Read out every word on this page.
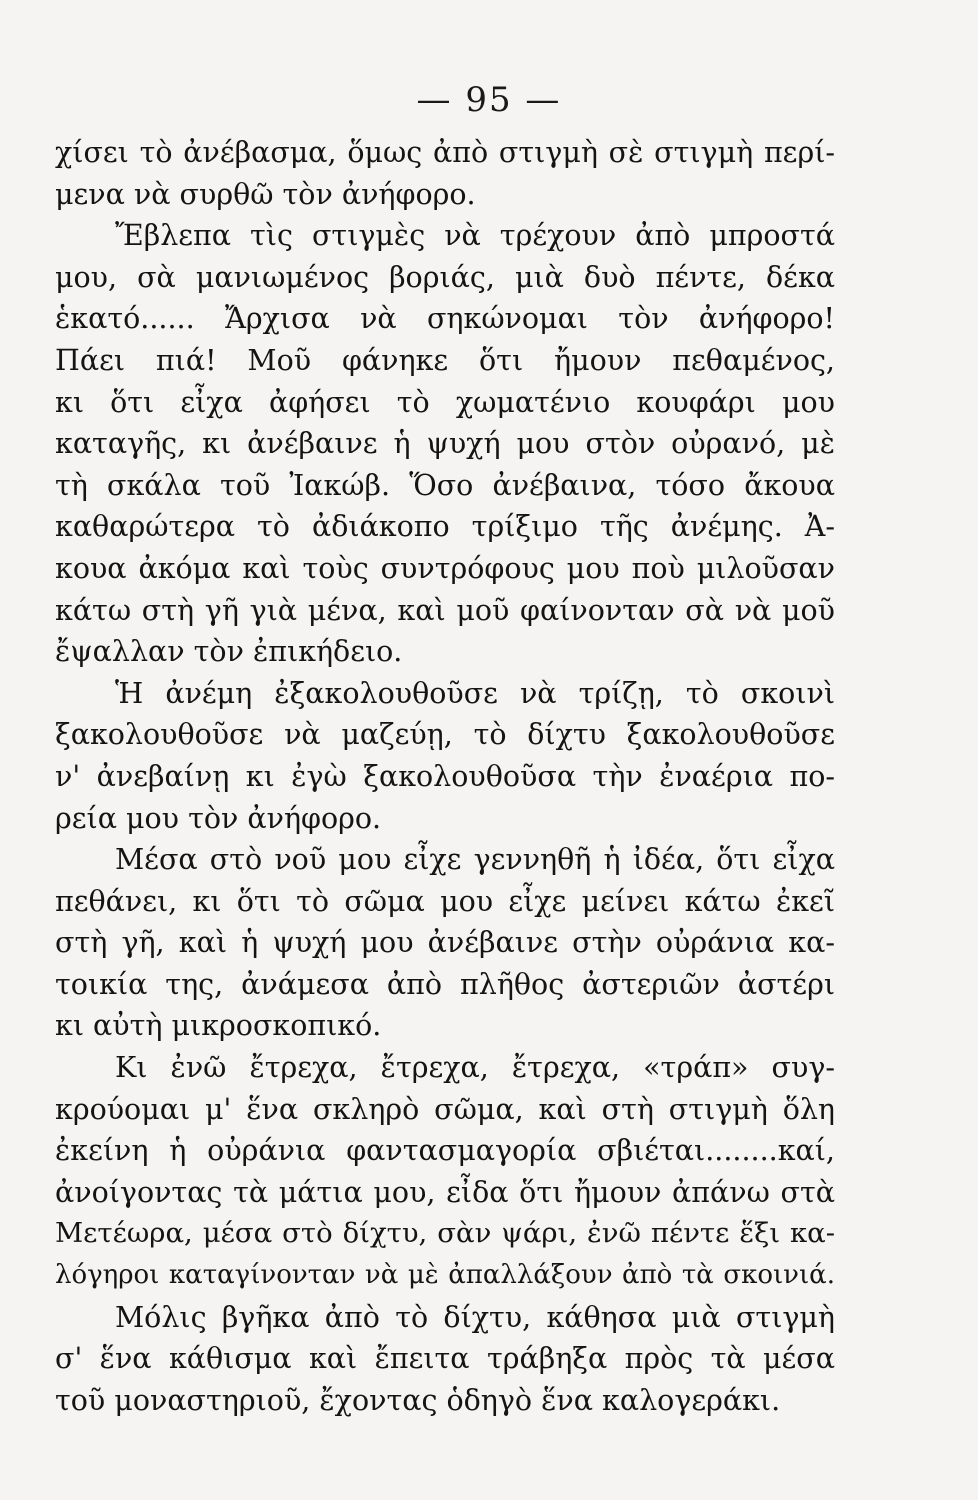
— 95 —
χίσει τὸ ἀνέβασμα, ὅμως ἀπὸ στιγμὴ σὲ στιγμὴ περί-
μενα νὰ συρθῶ τὸν ἀνήφορο.
Ἔβλεπα τὶς στιγμὲς νὰ τρέχουν ἀπὸ μπροστά
μου, σὰ μανιωμένος βοριάς, μιὰ δυὸ πέντε, δέκα
ἑκατό...... Ἄρχισα νὰ σηκώνομαι τὸν ἀνήφορο!
Πάει πιά! Μοῦ φάνηκε ὅτι ἤμουν πεθαμένος,
κι ὅτι εἶχα ἀφήσει τὸ χωματένιο κουφάρι μου
καταγῆς, κι ἀνέβαινε ἡ ψυχή μου στὸν οὐρανό, μὲ
τὴ σκάλα τοῦ Ἰακώβ. Ὅσο ἀνέβαινα, τόσο ἄκουα
καθαρώτερα τὸ ἀδιάκοπο τρίξιμο τῆς ἀνέμης. Ἀ-
κουα ἀκόμα καὶ τοὺς συντρόφους μου ποὺ μιλοῦσαν
κάτω στὴ γῆ γιὰ μένα, καὶ μοῦ φαίνονταν σὰ νὰ μοῦ
ἔψαλλαν τὸν ἐπικήδειο.
Ἡ ἀνέμη ἐξακολουθοῦσε νὰ τρίζῃ, τὸ σκοινὶ
ξακολουθοῦσε νὰ μαζεύῃ, τὸ δίχτυ ξακολουθοῦσε
ν' ἀνεβαίνῃ κι ἐγὼ ξακολουθοῦσα τὴν ἐναέρια πο-
ρεία μου τὸν ἀνήφορο.
Μέσα στὸ νοῦ μου εἶχε γεννηθῆ ἡ ἰδέα, ὅτι εἶχα
πεθάνει, κι ὅτι τὸ σῶμα μου εἶχε μείνει κάτω ἐκεῖ
στὴ γῆ, καὶ ἡ ψυχή μου ἀνέβαινε στὴν οὐράνια κα-
τοικία της, ἀνάμεσα ἀπὸ πλῆθος ἀστεριῶν ἀστέρι
κι αὐτὴ μικροσκοπικό.
Κι ἐνῶ ἔτρεχα, ἔτρεχα, ἔτρεχα, «τράπ» συγ-
κρούομαι μ' ἕνα σκληρὸ σῶμα, καὶ στὴ στιγμὴ ὅλη
ἐκείνη ἡ οὐράνια φαντασμαγορία σβιέται........καί,
ἀνοίγοντας τὰ μάτια μου, εἶδα ὅτι ἤμουν ἀπάνω στὰ
Μετέωρα, μέσα στὸ δίχτυ, σὰν ψάρι, ἐνῶ πέντε ἕξι κα-
λόγηροι καταγίνονταν νὰ μὲ ἀπαλλάξουν ἀπὸ τὰ σκοινιά.
Μόλις βγῆκα ἀπὸ τὸ δίχτυ, κάθησα μιὰ στιγμὴ
σ' ἕνα κάθισμα καὶ ἔπειτα τράβηξα πρὸς τὰ μέσα
τοῦ μοναστηριοῦ, ἔχοντας ὁδηγὸ ἕνα καλογεράκι.
